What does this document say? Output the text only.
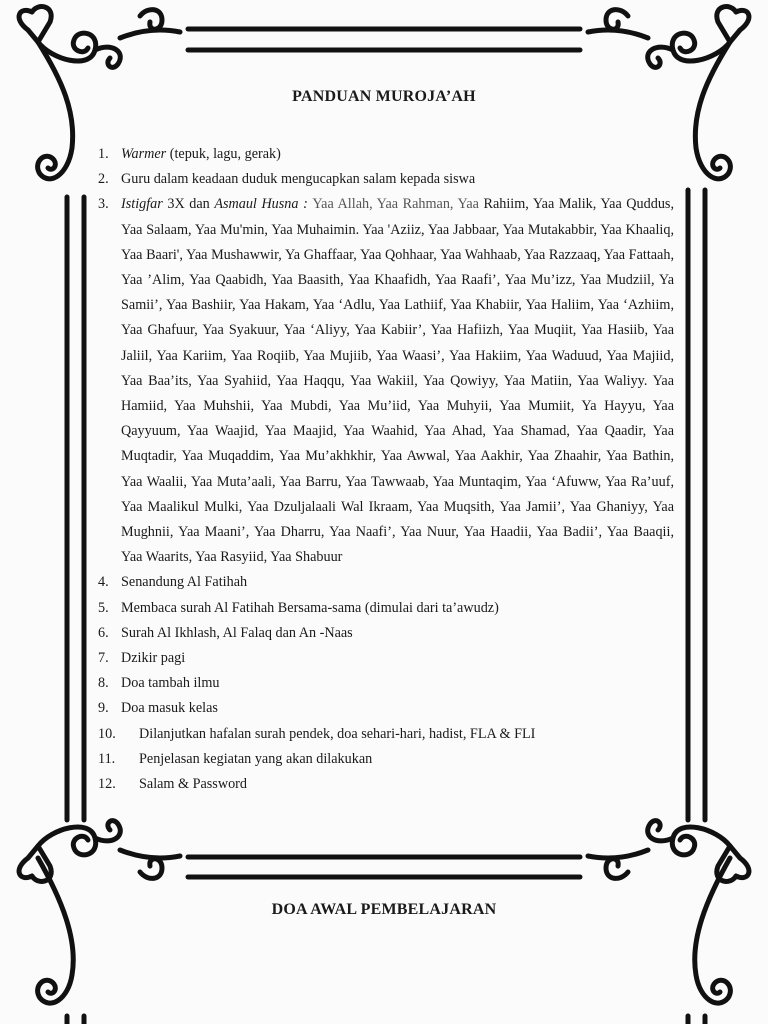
PANDUAN MUROJA’AH
1. Warmer (tepuk, lagu, gerak)
2. Guru dalam keadaan duduk mengucapkan salam kepada siswa
3. Istigfar 3X dan Asmaul Husna : Yaa Allah, Yaa Rahman, Yaa Rahiim, Yaa Malik, Yaa Quddus, Yaa Salaam, Yaa Mu'min, Yaa Muhaimin. Yaa 'Aziiz, Yaa Jabbaar, Yaa Mutakabbir, Yaa Khaaliq, Yaa Baari', Yaa Mushawwir, Ya Ghaffaar, Yaa Qohhaar, Yaa Wahhaab, Yaa Razzaaq, Yaa Fattaah, Yaa ’Alim, Yaa Qaabidh, Yaa Baasith, Yaa Khaafidh, Yaa Raafi’, Yaa Mu’izz, Yaa Mudziil, Ya Samii’, Yaa Bashiir, Yaa Hakam, Yaa ‘Adlu, Yaa Lathiif, Yaa Khabiir, Yaa Haliim, Yaa ‘Azhiim, Yaa Ghafuur, Yaa Syakuur, Yaa ‘Aliyy, Yaa Kabiir’, Yaa Hafiizh, Yaa Muqiit, Yaa Hasiib, Yaa Jaliil, Yaa Kariim, Yaa Roqiib, Yaa Mujiib, Yaa Waasi’, Yaa Hakiim, Yaa Waduud, Yaa Majiid, Yaa Baa’its, Yaa Syahiid, Yaa Haqqu, Yaa Wakiil, Yaa Qowiyy, Yaa Matiin, Yaa Waliyy. Yaa Hamiid, Yaa Muhshii, Yaa Mubdi, Yaa Mu’iid, Yaa Muhyii, Yaa Mumiit, Ya Hayyu, Yaa Qayyuum, Yaa Waajid, Yaa Maajid, Yaa Waahid, Yaa Ahad, Yaa Shamad, Yaa Qaadir, Yaa Muqtadir, Yaa Muqaddim, Yaa Mu’akhkhir, Yaa Awwal, Yaa Aakhir, Yaa Zhaahir, Yaa Bathin, Yaa Waalii, Yaa Muta’aali, Yaa Barru, Yaa Tawwaab, Yaa Muntaqim, Yaa ‘Afuww, Yaa Ra’uuf, Yaa Maalikul Mulki, Yaa Dzuljalaali Wal Ikraam, Yaa Muqsith, Yaa Jamii’, Yaa Ghaniyy, Yaa Mughnii, Yaa Maani’, Yaa Dharru, Yaa Naafi’, Yaa Nuur, Yaa Haadii, Yaa Badii’, Yaa Baaqii, Yaa Waarits, Yaa Rasyiid, Yaa Shabuur
4. Senandung Al Fatihah
5. Membaca surah Al Fatihah Bersama-sama (dimulai dari ta’awudz)
6. Surah Al Ikhlash, Al Falaq dan An -Naas
7. Dzikir pagi
8. Doa tambah ilmu
9. Doa masuk kelas
10.	Dilanjutkan hafalan surah pendek, doa sehari-hari, hadist, FLA & FLI
11.	Penjelasan kegiatan yang akan dilakukan
12.	Salam & Password
DOA AWAL PEMBELAJARAN
